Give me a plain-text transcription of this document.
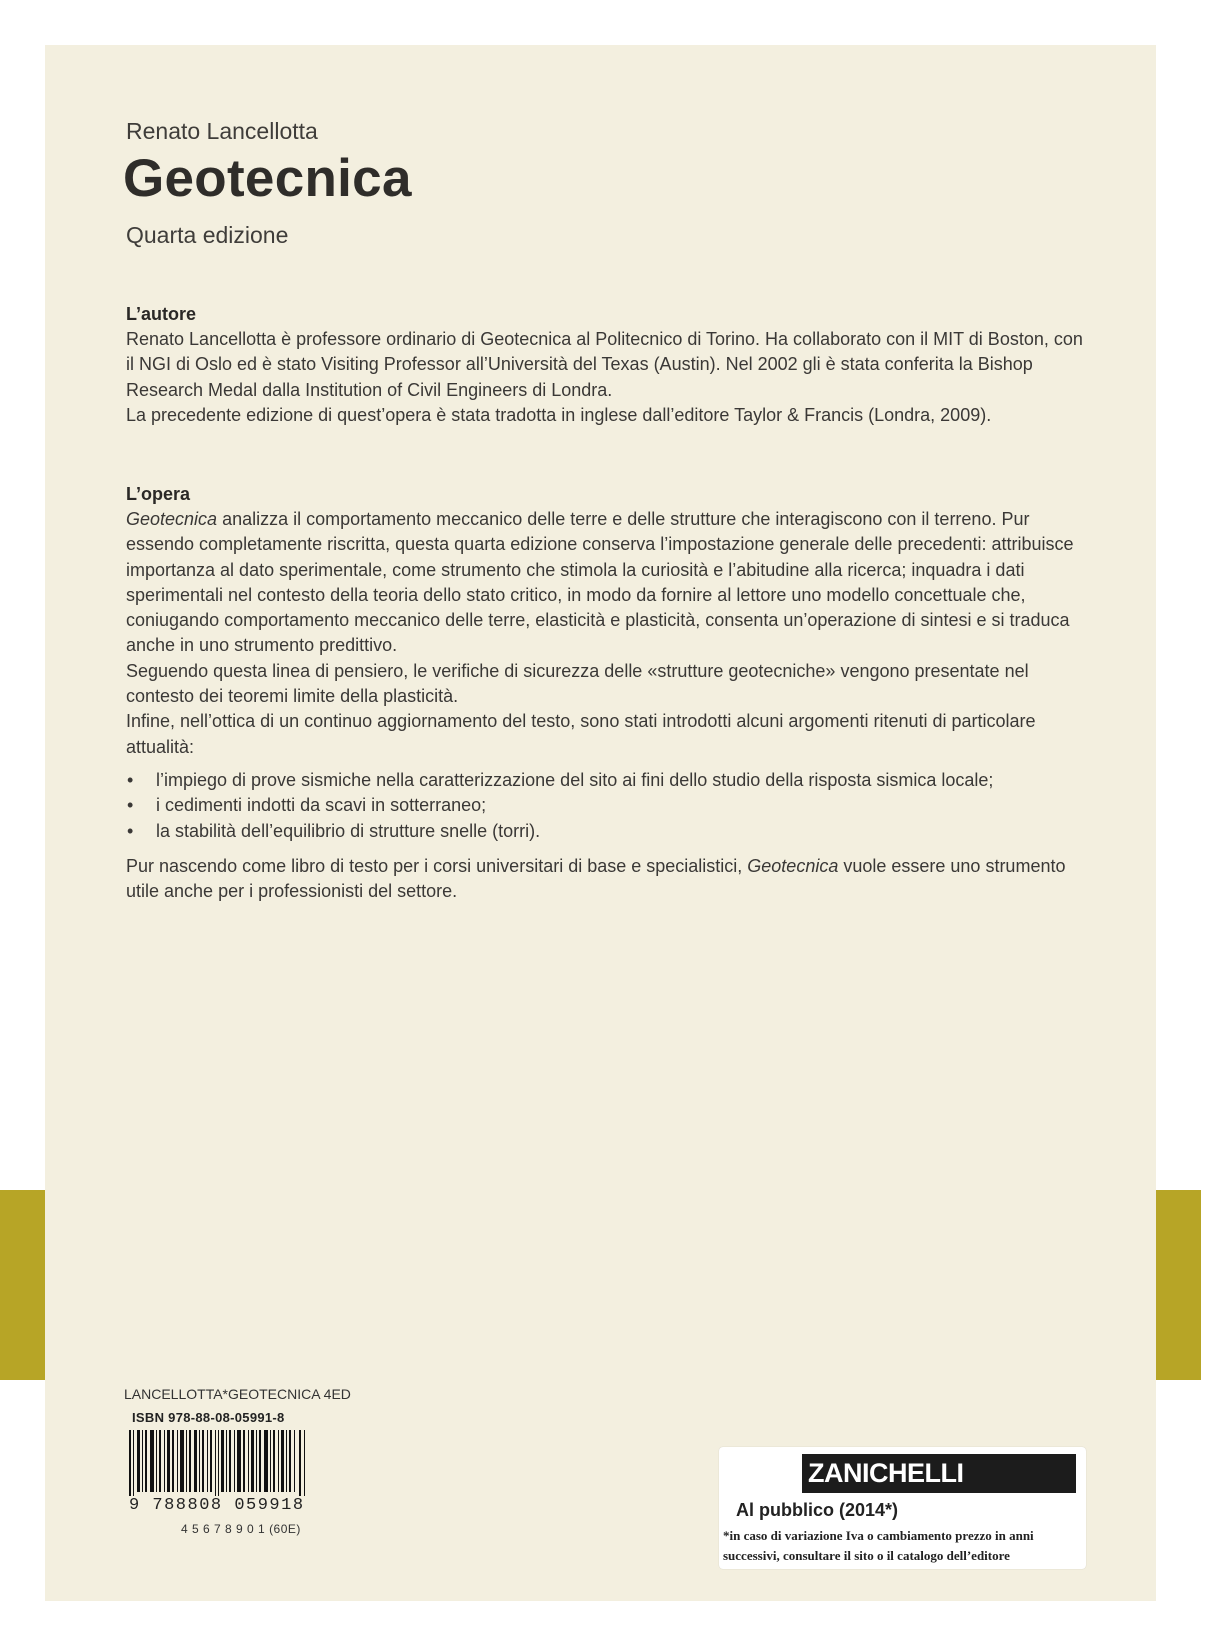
Renato Lancellotta
Geotecnica
Quarta edizione
L’autore

Renato Lancellotta è professore ordinario di Geotecnica al Politecnico di Torino. Ha collaborato con il MIT di Boston, con il NGI di Oslo ed è stato Visiting Professor all’Università del Texas (Austin). Nel 2002 gli è stata conferita la Bishop Research Medal dalla Institution of Civil Engineers di Londra.

La precedente edizione di quest’opera è stata tradotta in inglese dall’editore Taylor & Francis (Londra, 2009).

L’opera

Geotecnica analizza il comportamento meccanico delle terre e delle strutture che interagiscono con il terreno. Pur essendo completamente riscritta, questa quarta edizione conserva l’impostazione generale delle precedenti: attribuisce importanza al dato sperimentale, come strumento che stimola la curiosità e l’abitudine alla ricerca; inquadra i dati sperimentali nel contesto della teoria dello stato critico, in modo da fornire al lettore uno modello concettuale che, coniugando comportamento meccanico delle terre, elasticità e plasticità, consenta un’operazione di sintesi e si traduca anche in uno strumento predittivo.

Seguendo questa linea di pensiero, le verifiche di sicurezza delle «strutture geotecniche» vengono presentate nel contesto dei teoremi limite della plasticità.

Infine, nell’ottica di un continuo aggiornamento del testo, sono stati introdotti alcuni argomenti ritenuti di particolare attualità:

• l’impiego di prove sismiche nella caratterizzazione del sito ai fini dello studio della risposta sismica locale;
• i cedimenti indotti da scavi in sotterraneo;
• la stabilità dell’equilibrio di strutture snelle (torri).

Pur nascendo come libro di testo per i corsi universitari di base e specialistici, Geotecnica vuole essere uno strumento utile anche per i professionisti del settore.

LANCELLOTTA*GEOTECNICA 4ED
ISBN 978-88-08-05991-8
9 788808 059918
4 5 6 7 8 9 0 1 (60E)
ZANICHELLI
Al pubblico (2014*)
*in caso di variazione Iva o cambiamento prezzo in anni successivi, consultare il sito o il catalogo dell’editore
